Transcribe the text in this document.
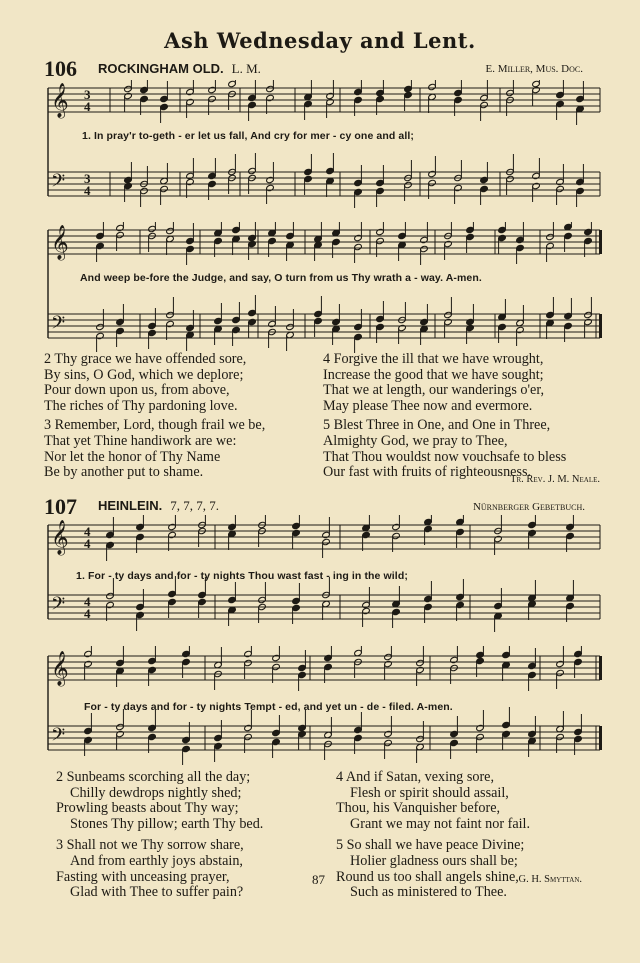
Ash Wednesday and Lent.
106 ROCKINGHAM OLD. L. M.	E. Miller, Mus. Doc.
𝄞
𝄢
3
4
3
4
1. In pray'r to-geth - er let us fall, And cry for mer - cy one and all;
𝄞
𝄢
And weep be-fore the Judge, and say, O turn from us Thy wrath a - way. A-men.
2 Thy grace we have offended sore,
By sins, O God, which we deplore;
Pour down upon us, from above,
The riches of Thy pardoning love.
3 Remember, Lord, though frail we be,
That yet Thine handiwork are we:
Nor let the honor of Thy Name
Be by another put to shame.
4 Forgive the ill that we have wrought,
Increase the good that we have sought;
That we at length, our wanderings o'er,
May please Thee now and evermore.
5 Blest Three in One, and One in Three,
Almighty God, we pray to Thee,
That Thou wouldst now vouchsafe to bless
Our fast with fruits of righteousness.
Tr. Rev. J. M. Neale.
107 HEINLEIN. 7, 7, 7, 7.	Nürnberger Gebetbuch.
𝄞
𝄢
4
4
4
4
1. For - ty days and for - ty nights Thou wast fast - ing in the wild;
𝄞
𝄢
For - ty days and for - ty nights Tempt - ed, and yet un - de - filed. A-men.
2 Sunbeams scorching all the day;
Chilly dewdrops nightly shed;
Prowling beasts about Thy way;
Stones Thy pillow; earth Thy bed.
3 Shall not we Thy sorrow share,
And from earthly joys abstain,
Fasting with unceasing prayer,
Glad with Thee to suffer pain?
4 And if Satan, vexing sore,
Flesh or spirit should assail,
Thou, his Vanquisher before,
Grant we may not faint nor fail.
5 So shall we have peace Divine;
Holier gladness ours shall be;
Round us too shall angels shine,
Such as ministered to Thee.
87	G. H. Smyttan.
